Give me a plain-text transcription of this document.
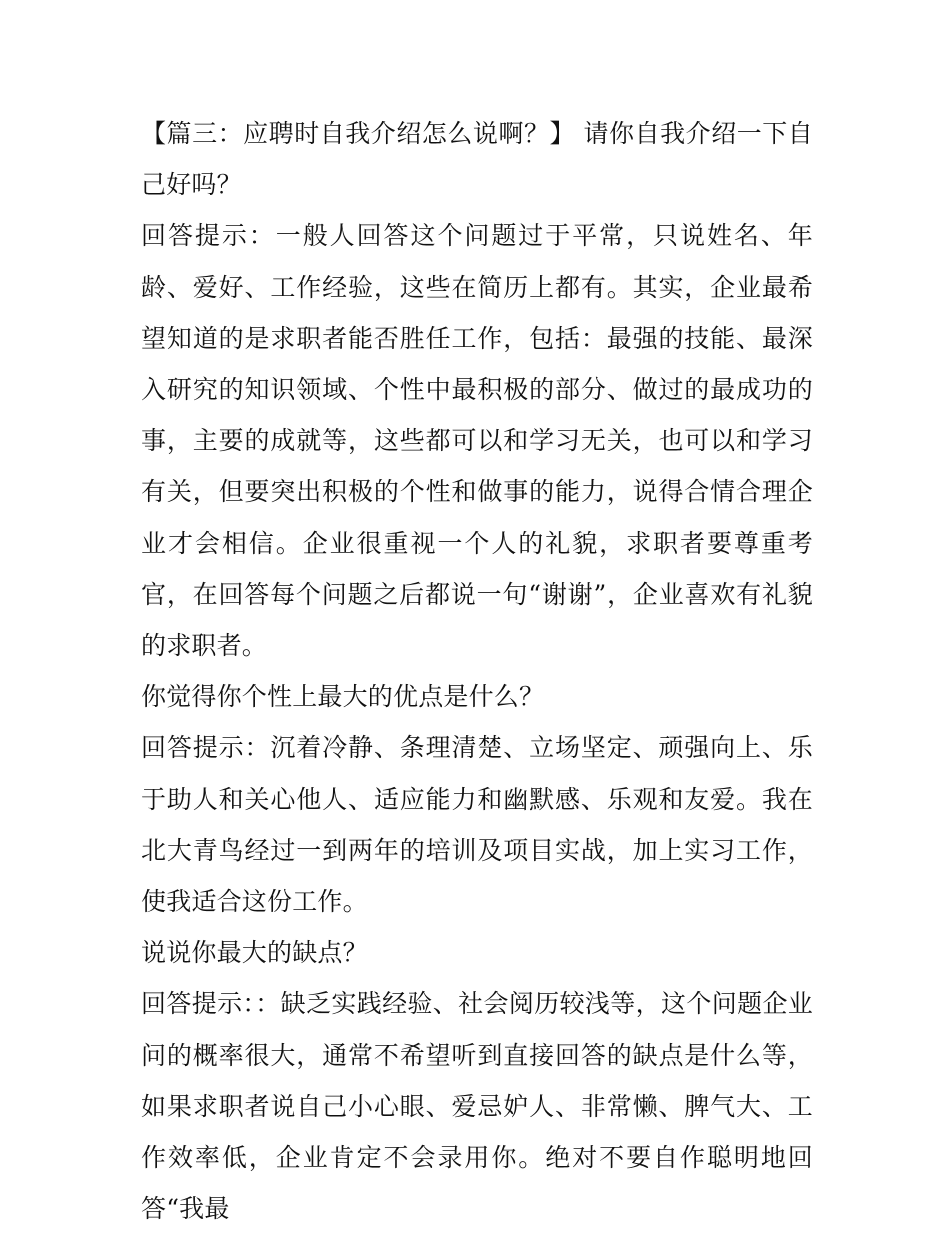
【篇三：应聘时自我介绍怎么说啊？】 请你自我介绍一下自己好吗？

回答提示：一般人回答这个问题过于平常，只说姓名、年龄、爱好、工作经验，这些在简历上都有。其实，企业最希望知道的是求职者能否胜任工作，包括：最强的技能、最深入研究的知识领域、个性中最积极的部分、做过的最成功的事，主要的成就等，这些都可以和学习无关，也可以和学习有关，但要突出积极的个性和做事的能力，说得合情合理企业才会相信。企业很重视一个人的礼貌，求职者要尊重考官，在回答每个问题之后都说一句“谢谢”，企业喜欢有礼貌的求职者。

你觉得你个性上最大的优点是什么？

回答提示：沉着冷静、条理清楚、立场坚定、顽强向上、乐于助人和关心他人、适应能力和幽默感、乐观和友爱。我在北大青鸟经过一到两年的培训及项目实战，加上实习工作，使我适合这份工作。

说说你最大的缺点？

回答提示：：缺乏实践经验、社会阅历较浅等，这个问题企业问的概率很大，通常不希望听到直接回答的缺点是什么等，如果求职者说自己小心眼、爱忌妒人、非常懒、脾气大、工作效率低，企业肯定不会录用你。绝对不要自作聪明地回答“我最
